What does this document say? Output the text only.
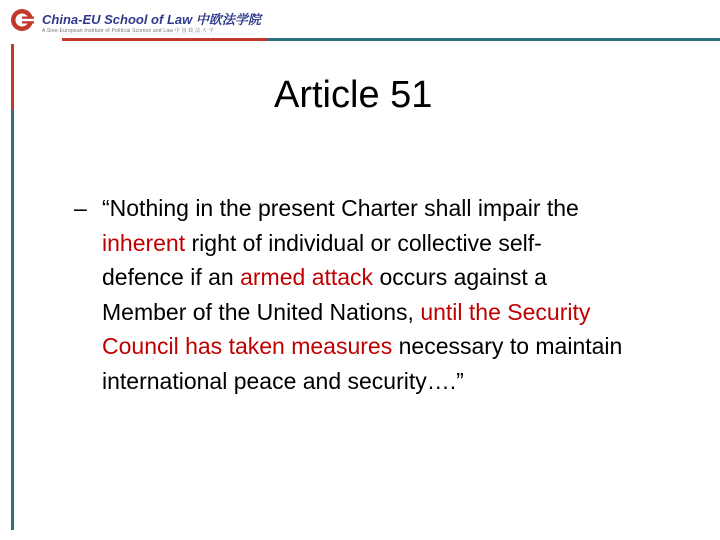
China-EU School of Law 中欧法学院

A Sino-European Institute of Political Science and Law 中 国 政 法 大 学

Article 51
– “Nothing in the present Charter shall impair the
inherent right of individual or collective self-
defence if an armed attack occurs against a
Member of the United Nations, until the Security
Council has taken measures necessary to maintain
international peace and security….”
